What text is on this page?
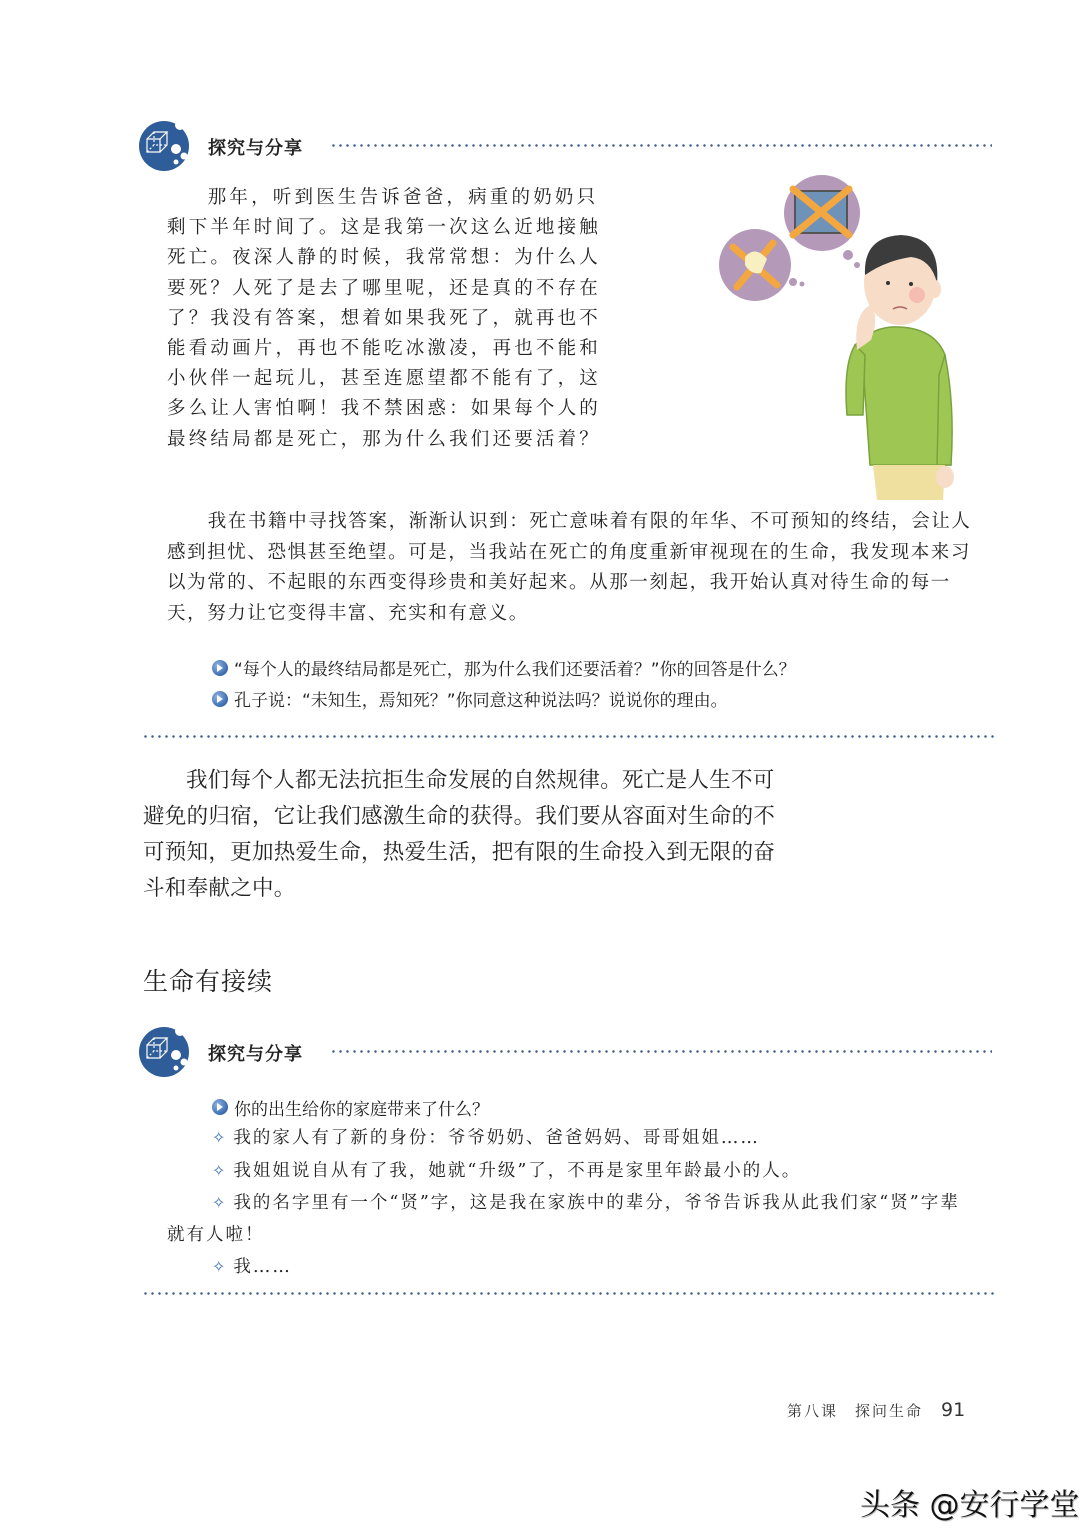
探究与分享

那年，听到医生告诉爸爸，病重的奶奶只剩下半年时间了。这是我第一次这么近地接触死亡。夜深人静的时候，我常常想：为什么人要死？人死了是去了哪里呢，还是真的不存在了？我没有答案，想着如果我死了，就再也不能看动画片，再也不能吃冰激凌，再也不能和小伙伴一起玩儿，甚至连愿望都不能有了，这多么让人害怕啊！我不禁困惑：如果每个人的最终结局都是死亡，那为什么我们还要活着？

我在书籍中寻找答案，渐渐认识到：死亡意味着有限的年华、不可预知的终结，会让人感到担忧、恐惧甚至绝望。可是，当我站在死亡的角度重新审视现在的生命，我发现本来习以为常的、不起眼的东西变得珍贵和美好起来。从那一刻起，我开始认真对待生命的每一天，努力让它变得丰富、充实和有意义。

“每个人的最终结局都是死亡，那为什么我们还要活着？”你的回答是什么？
孔子说：“未知生，焉知死？”你同意这种说法吗？说说你的理由。

我们每个人都无法抗拒生命发展的自然规律。死亡是人生不可避免的归宿，它让我们感激生命的获得。我们要从容面对生命的不可预知，更加热爱生命，热爱生活，把有限的生命投入到无限的奋斗和奉献之中。

生命有接续
探究与分享
你的出生给你的家庭带来了什么？

✧ 我的家人有了新的身份：爷爷奶奶、爸爸妈妈、哥哥姐姐……

✧ 我姐姐说自从有了我，她就“升级”了，不再是家里年龄最小的人。

✧ 我的名字里有一个“贤”字，这是我在家族中的辈分，爷爷告诉我从此我们家“贤”字辈就有人啦！

✧ 我……

第八课　探问生命 91
头条 @安行学堂
